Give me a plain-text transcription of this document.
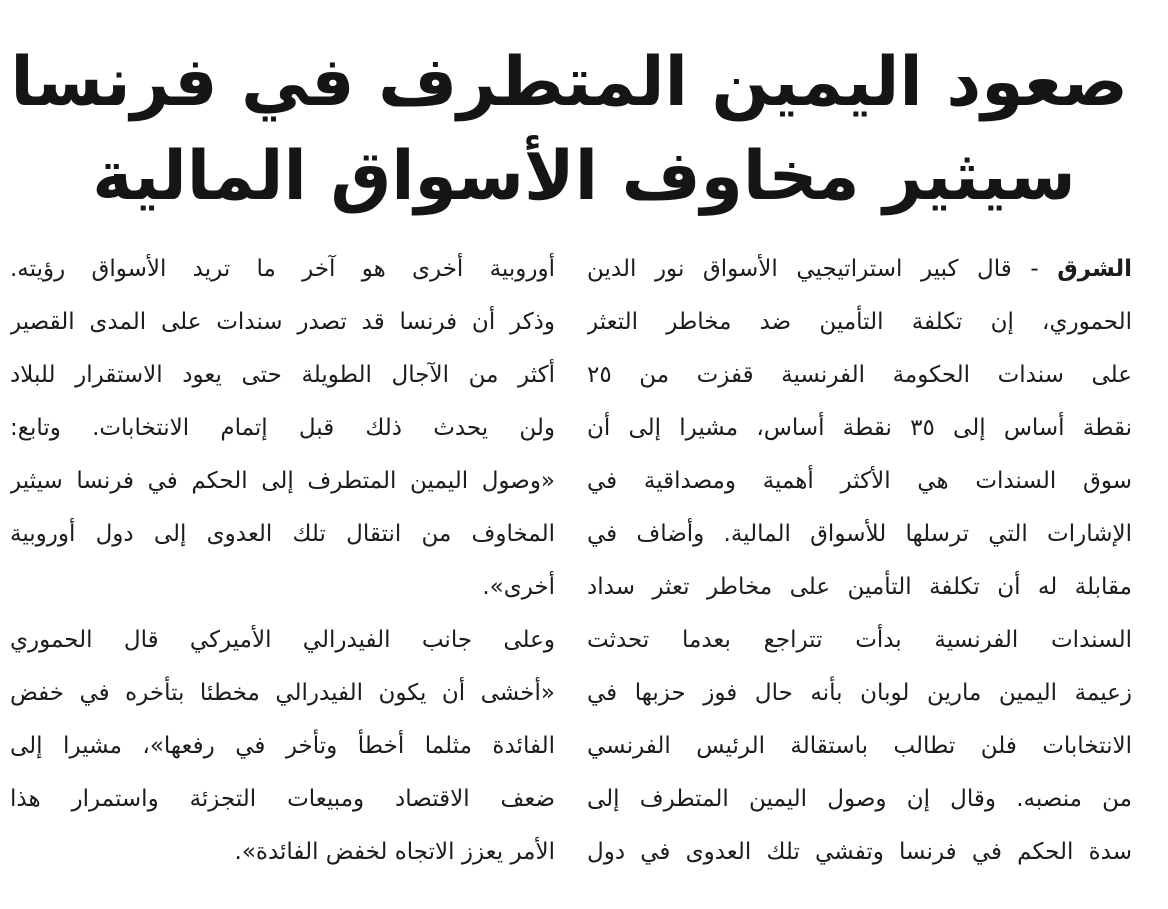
صعود اليمين المتطرف في فرنسا
سيثير مخاوف الأسواق المالية
الشرق - قال كبير استراتيجيي الأسواق نور الدين
الحموري، إن تكلفة التأمين ضد مخاطر التعثر
على سندات الحكومة الفرنسية قفزت من ٢٥
نقطة أساس إلى ٣٥ نقطة أساس، مشيرا إلى أن
سوق السندات هي الأكثر أهمية ومصداقية في
الإشارات التي ترسلها للأسواق المالية. وأضاف في
مقابلة له أن تكلفة التأمين على مخاطر تعثر سداد
السندات الفرنسية بدأت تتراجع بعدما تحدثت
زعيمة اليمين مارين لوبان بأنه حال فوز حزبها في
الانتخابات فلن تطالب باستقالة الرئيس الفرنسي
من منصبه. وقال إن وصول اليمين المتطرف إلى
سدة الحكم في فرنسا وتفشي تلك العدوى في دول
أوروبية أخرى هو آخر ما تريد الأسواق رؤيته.
وذكر أن فرنسا قد تصدر سندات على المدى القصير
أكثر من الآجال الطويلة حتى يعود الاستقرار للبلاد
ولن يحدث ذلك قبل إتمام الانتخابات. وتابع:
«وصول اليمين المتطرف إلى الحكم في فرنسا سيثير
المخاوف من انتقال تلك العدوى إلى دول أوروبية
أخرى».
وعلى جانب الفيدرالي الأميركي قال الحموري
«أخشى أن يكون الفيدرالي مخطئا بتأخره في خفض
الفائدة مثلما أخطأ وتأخر في رفعها»، مشيرا إلى
ضعف الاقتصاد ومبيعات التجزئة واستمرار هذا
الأمر يعزز الاتجاه لخفض الفائدة».
